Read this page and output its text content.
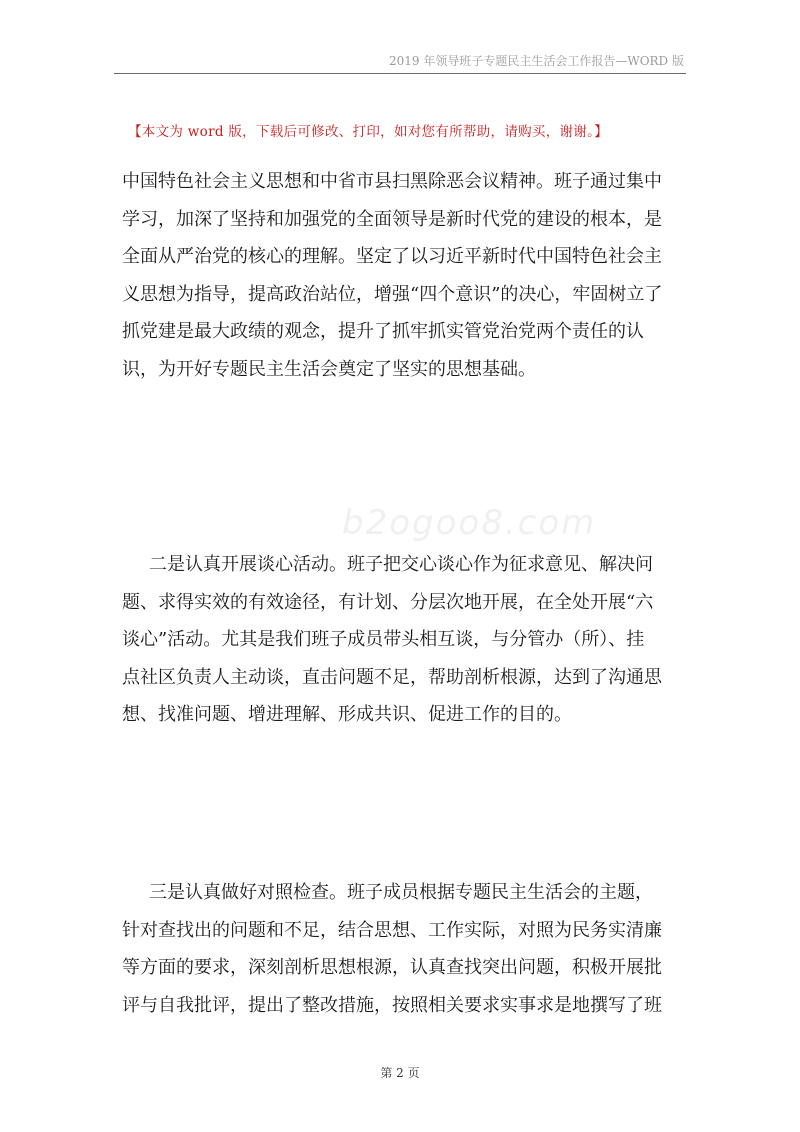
2019 年领导班子专题民主生活会工作报告—WORD 版
【本文为 word 版，下载后可修改、打印，如对您有所帮助，请购买，谢谢。】
中国特色社会主义思想和中省市县扫黑除恶会议精神。班子通过集中
学习，加深了坚持和加强党的全面领导是新时代党的建设的根本，是
全面从严治党的核心的理解。坚定了以习近平新时代中国特色社会主
义思想为指导，提高政治站位，增强“四个意识”的决心，牢固树立了
抓党建是最大政绩的观念，提升了抓牢抓实管党治党两个责任的认
识，为开好专题民主生活会奠定了坚实的思想基础。
b2ogoo8.com
二是认真开展谈心活动。班子把交心谈心作为征求意见、解决问
题、求得实效的有效途径，有计划、分层次地开展，在全处开展“六
谈心”活动。尤其是我们班子成员带头相互谈，与分管办（所）、挂
点社区负责人主动谈，直击问题不足，帮助剖析根源，达到了沟通思
想、找准问题、增进理解、形成共识、促进工作的目的。
三是认真做好对照检查。班子成员根据专题民主生活会的主题，
针对查找出的问题和不足，结合思想、工作实际，对照为民务实清廉
等方面的要求，深刻剖析思想根源，认真查找突出问题，积极开展批
评与自我批评，提出了整改措施，按照相关要求实事求是地撰写了班
第 2 页
